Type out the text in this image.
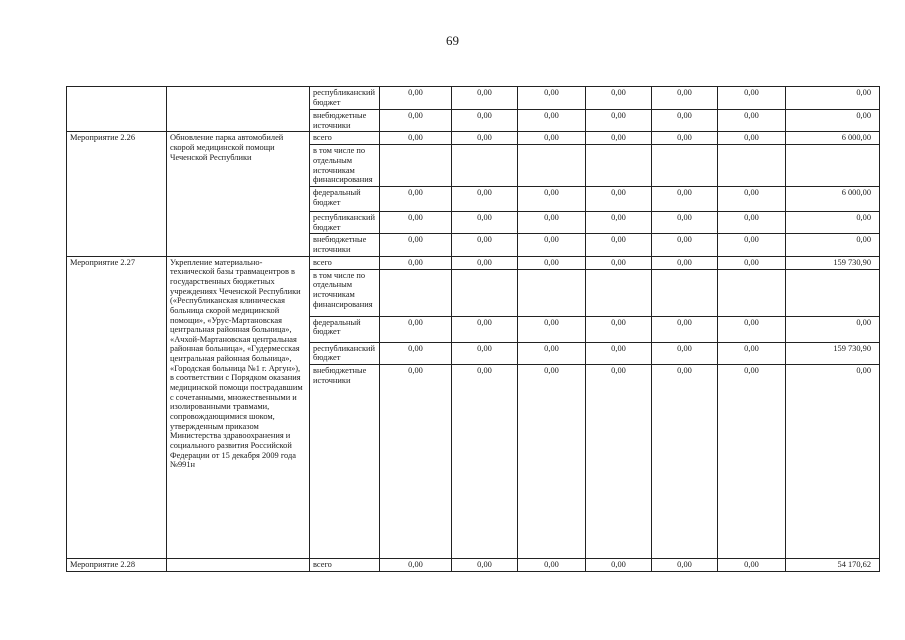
69
		республиканский бюджет	0,00	0,00	0,00	0,00	0,00	0,00	0,00
		внебюджетные источники	0,00	0,00	0,00	0,00	0,00	0,00	0,00
Мероприятие 2.26	Обновление парка автомобилей скорой медицинской помощи Чеченской Республики	всего	0,00	0,00	0,00	0,00	0,00	0,00	6 000,00
		в том числе по отдельным источникам финансирования							
		федеральный бюджет	0,00	0,00	0,00	0,00	0,00	0,00	6 000,00
		республиканский бюджет	0,00	0,00	0,00	0,00	0,00	0,00	0,00
		внебюджетные источники	0,00	0,00	0,00	0,00	0,00	0,00	0,00
Мероприятие 2.27	Укрепление материально-технической базы травмацентров в государственных бюджетных учреждениях Чеченской Республики («Республиканская клиническая больница скорой медицинской помощи», «Урус-Мартановская центральная районная больница», «Ачхой-Мартановская центральная районная больница», «Гудермесская центральная районная больница», «Городская больница №1 г. Аргун»), в соответствии с Порядком оказания медицинской помощи пострадавшим с сочетанными, множественными и изолированными травмами, сопровождающимися шоком, утвержденным приказом Министерства здравоохранения и социального развития Российской Федерации от 15 декабря 2009 года №991н	всего	0,00	0,00	0,00	0,00	0,00	0,00	159 730,90
		в том числе по отдельным источникам финансирования							
		федеральный бюджет	0,00	0,00	0,00	0,00	0,00	0,00	0,00
		республиканский бюджет	0,00	0,00	0,00	0,00	0,00	0,00	159 730,90
		внебюджетные источники	0,00	0,00	0,00	0,00	0,00	0,00	0,00
Мероприятие 2.28		всего	0,00	0,00	0,00	0,00	0,00	0,00	54 170,62
